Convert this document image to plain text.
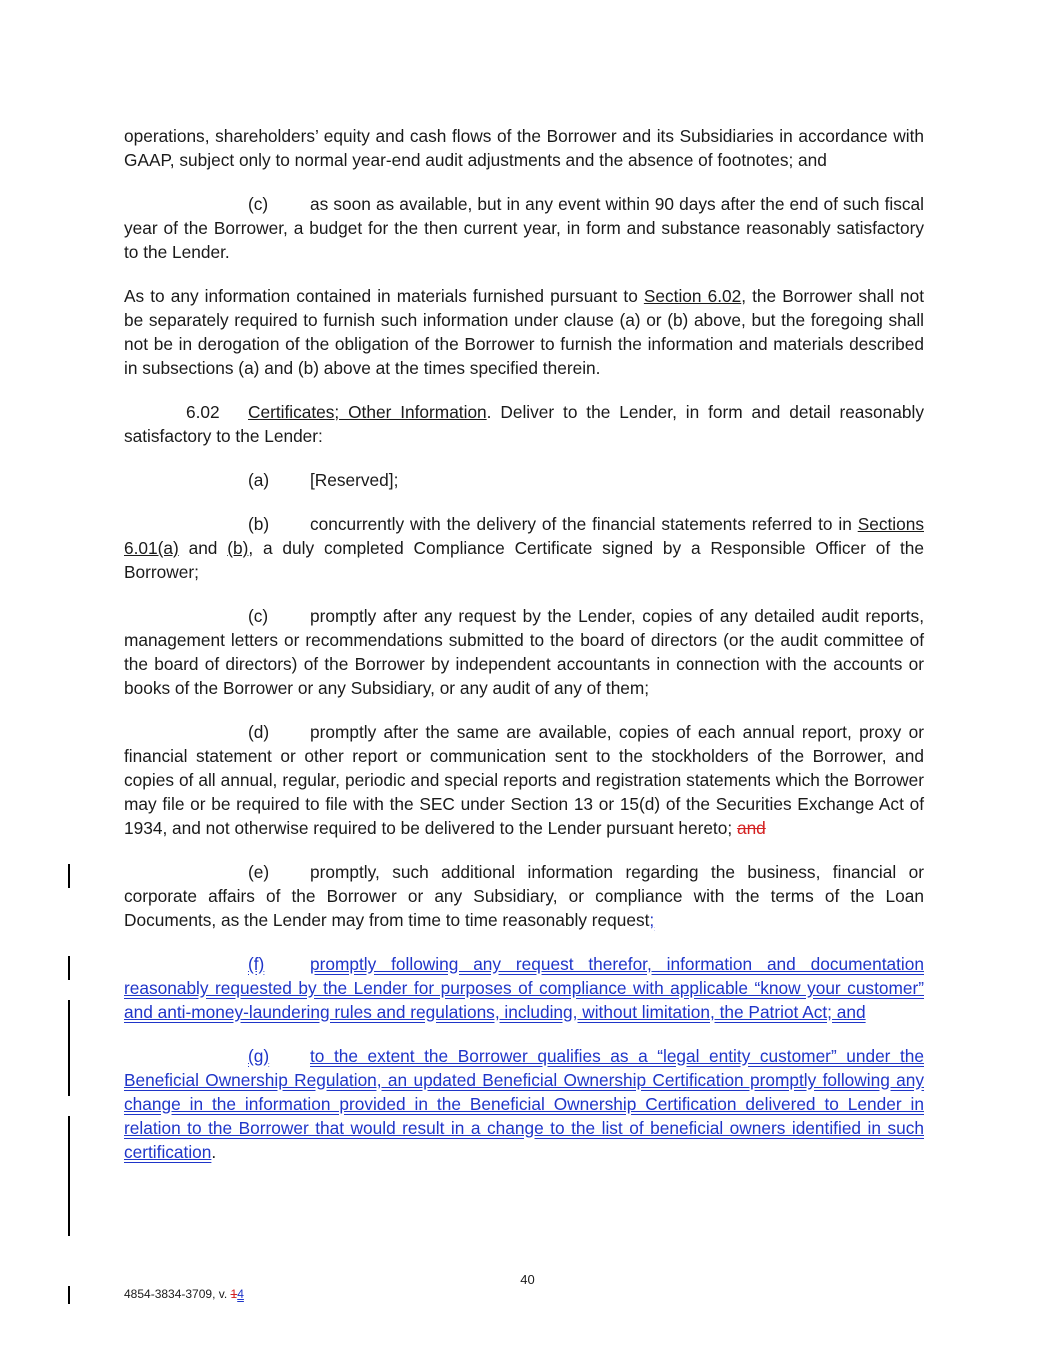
operations, shareholders’ equity and cash flows of the Borrower and its Subsidiaries in accordance with GAAP, subject only to normal year-end audit adjustments and the absence of footnotes; and

(c) as soon as available, but in any event within 90 days after the end of such fiscal year of the Borrower, a budget for the then current year, in form and substance reasonably satisfactory to the Lender.

As to any information contained in materials furnished pursuant to Section 6.02, the Borrower shall not be separately required to furnish such information under clause (a) or (b) above, but the foregoing shall not be in derogation of the obligation of the Borrower to furnish the information and materials described in subsections (a) and (b) above at the times specified therein.

6.02 Certificates; Other Information. Deliver to the Lender, in form and detail reasonably satisfactory to the Lender:

(a) [Reserved];

(b) concurrently with the delivery of the financial statements referred to in Sections 6.01(a) and (b), a duly completed Compliance Certificate signed by a Responsible Officer of the Borrower;

(c) promptly after any request by the Lender, copies of any detailed audit reports, management letters or recommendations submitted to the board of directors (or the audit committee of the board of directors) of the Borrower by independent accountants in connection with the accounts or books of the Borrower or any Subsidiary, or any audit of any of them;

(d) promptly after the same are available, copies of each annual report, proxy or financial statement or other report or communication sent to the stockholders of the Borrower, and copies of all annual, regular, periodic and special reports and registration statements which the Borrower may file or be required to file with the SEC under Section 13 or 15(d) of the Securities Exchange Act of 1934, and not otherwise required to be delivered to the Lender pursuant hereto; and

(e) promptly, such additional information regarding the business, financial or corporate affairs of the Borrower or any Subsidiary, or compliance with the terms of the Loan Documents, as the Lender may from time to time reasonably request;

(f)	promptly following any request therefor, information and documentation reasonably requested by the Lender for purposes of compliance with applicable “know your customer” and anti-money-laundering rules and regulations, including, without limitation, the Patriot Act; and

(g) to the extent the Borrower qualifies as a “legal entity customer” under the Beneficial Ownership Regulation, an updated Beneficial Ownership Certification promptly following any change in the information provided in the Beneficial Ownership Certification delivered to Lender in relation to the Borrower that would result in a change to the list of beneficial owners identified in such certification.

40
4854-3834-3709, v. 14
